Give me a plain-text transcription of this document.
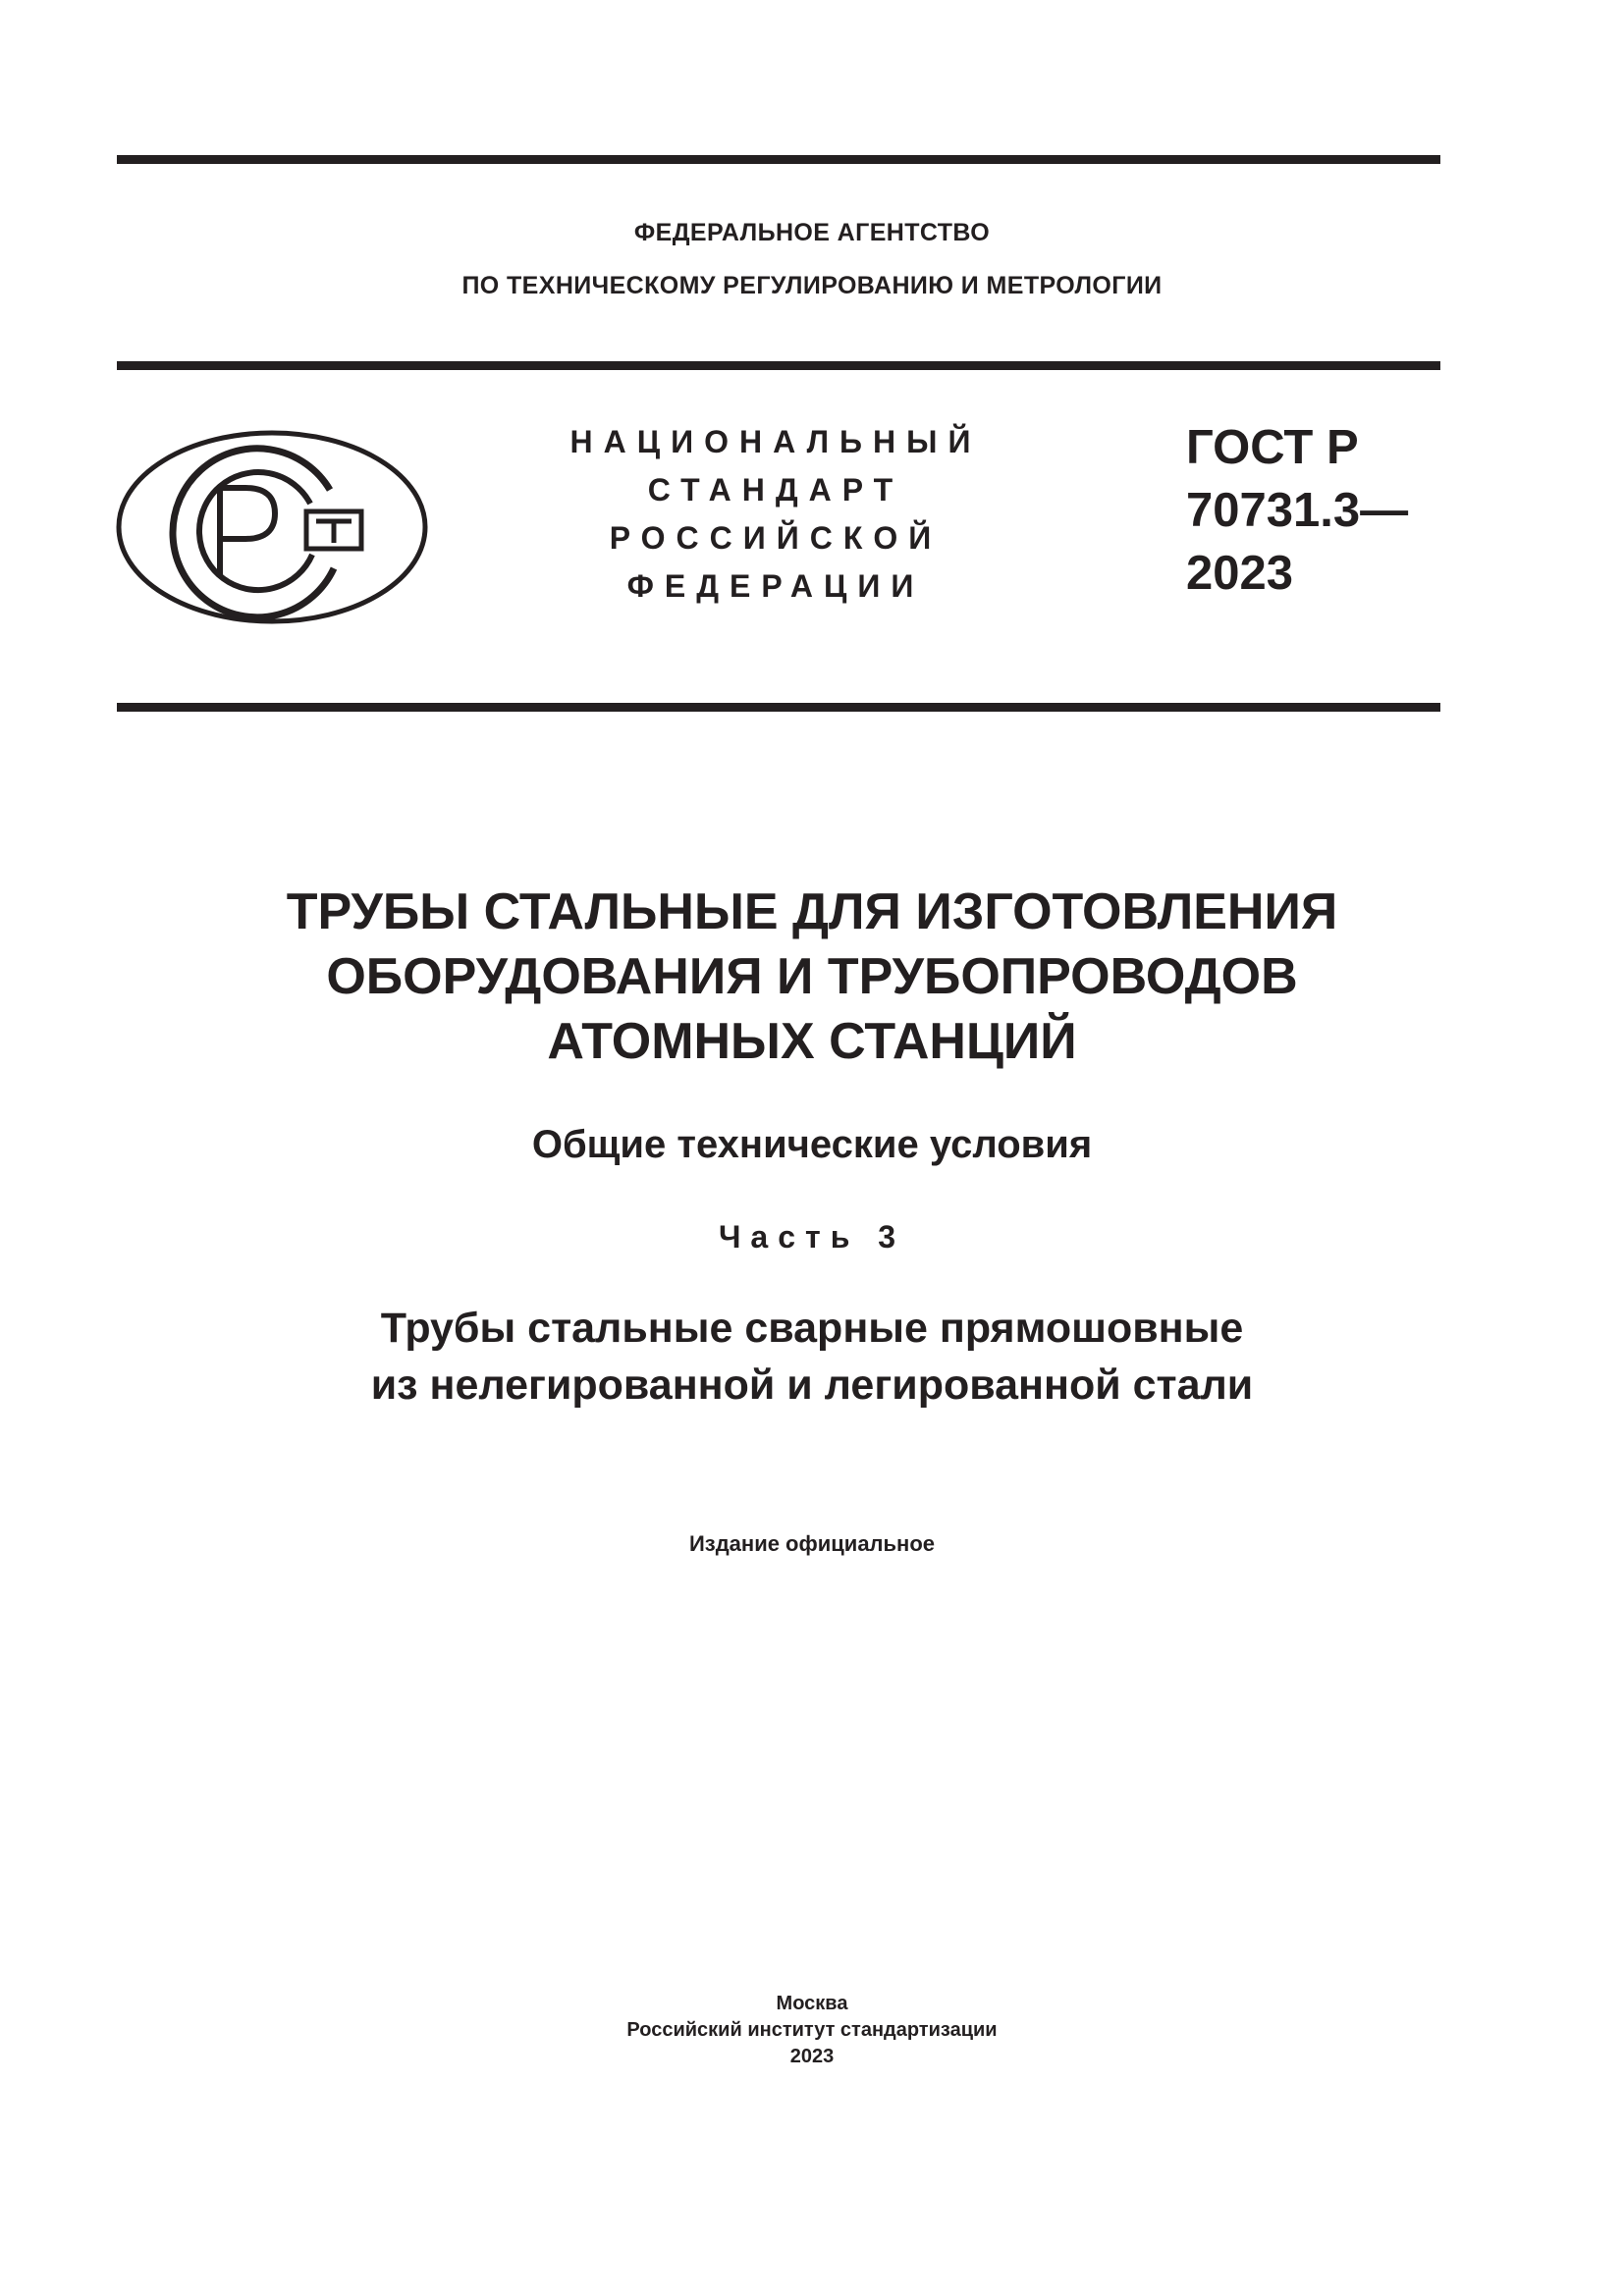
ФЕДЕРАЛЬНОЕ АГЕНТСТВО
ПО ТЕХНИЧЕСКОМУ РЕГУЛИРОВАНИЮ И МЕТРОЛОГИИ
НАЦИОНАЛЬНЫЙ
СТАНДАРТ
РОССИЙСКОЙ
ФЕДЕРАЦИИ
ГОСТ Р
70731.3—
2023
ТРУБЫ СТАЛЬНЫЕ ДЛЯ ИЗГОТОВЛЕНИЯ
ОБОРУДОВАНИЯ И ТРУБОПРОВОДОВ
АТОМНЫХ СТАНЦИЙ
Общие технические условия
Часть 3
Трубы стальные сварные прямошовные
из нелегированной и легированной стали
Издание официальное
Москва
Российский институт стандартизации
2023
